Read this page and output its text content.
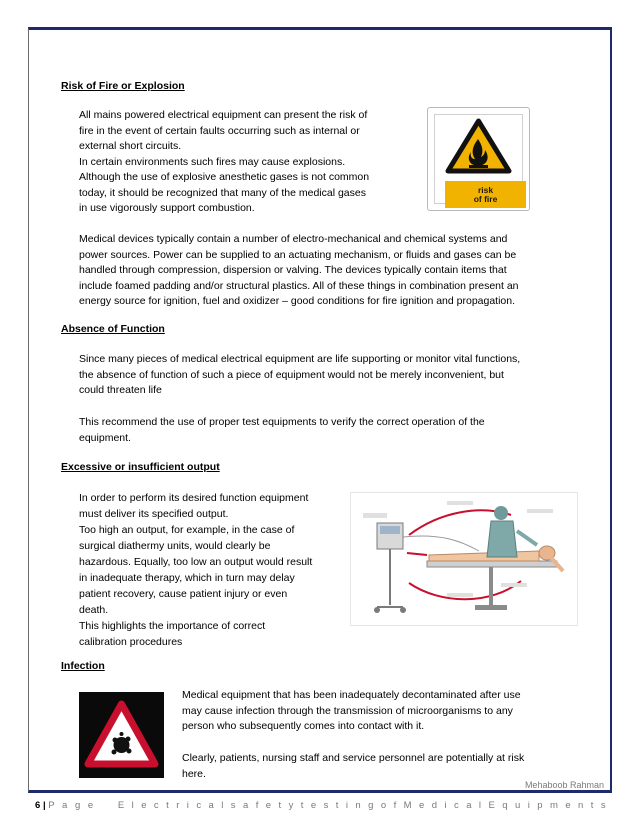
Risk of Fire or Explosion

All mains powered electrical equipment can present the risk of
fire in the event of certain faults occurring such as internal or
external short circuits.
In certain environments such fires may cause explosions.
Although the use of explosive anesthetic gases is not common
today, it should be recognized that many of the medical gases
in use vigorously support combustion.

risk
of fire

Medical devices typically contain a number of electro-mechanical and chemical systems and
power sources. Power can be supplied to an actuating mechanism, or fluids and gases can be
handled through compression, dispersion or valving. The devices typically contain items that
include foamed padding and/or structural plastics. All of these things in combination present an
energy source for ignition, fuel and oxidizer – good conditions for fire ignition and propagation.

Absence of Function

Since many pieces of medical electrical equipment are life supporting or monitor vital functions,
the absence of function of such a piece of equipment would not be merely inconvenient, but
could threaten life

This recommend the use of proper test equipments to verify the correct operation of the
equipment.

Excessive or insufficient output

In order to perform its desired function equipment
must deliver its specified output.
Too high an output, for example, in the case of
surgical diathermy units, would clearly be
hazardous. Equally, too low an output would result
in inadequate therapy, which in turn may delay
patient recovery, cause patient injury or even
death.
This highlights the importance of correct
calibration procedures

Infection

Medical equipment that has been inadequately decontaminated after use
may cause infection through the transmission of microorganisms to any
person who subsequently comes into contact with it.

Clearly, patients, nursing staff and service personnel are potentially at risk
here.

Mehaboob Rahman
6 | P a g e E l e c t r i c a l s a f e t y t e s t i n g o f M e d i c a l E q u i p m e n t s
